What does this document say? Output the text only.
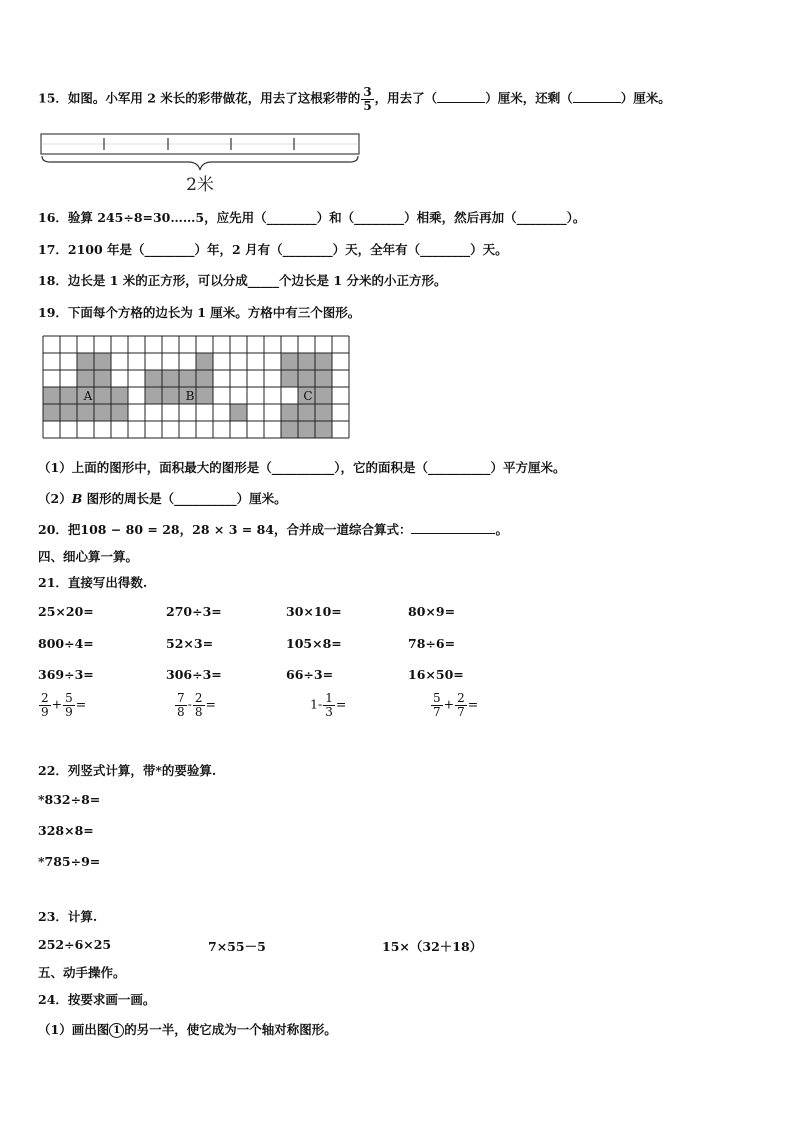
15．如图。小军用 2 米长的彩带做花，用去了这根彩带的 $\frac{3}{5}$ ，用去了（	）厘米，还剩（	）厘米。
2米
16．验算 245÷8=30……5，应先用（________）和（________）相乘，然后再加（________）。
17．2100 年是（________）年，2 月有（________）天，全年有（________）天。
18．边长是 1 米的正方形，可以分成_____个边长是 1 分米的小正方形。
19．下面每个方格的边长为 1 厘米。方格中有三个图形。
A	B	C
（1）上面的图形中，面积最大的图形是（__________），它的面积是（__________）平方厘米。
（2）B 图形的周长是（__________）厘米。
20．把108 − 80 = 28，28 × 3 = 84，合并成一道综合算式：	。
四、细心算一算。
21．直接写出得数.
25×20=	270÷3=	30×10=	80×9=
800÷4=	52×3=	105×8=	78÷6=
369÷3=	306÷3=	66÷3=	16×50=
$\frac{2}{9} + \frac{5}{9}$ =	$\frac{7}{8} - \frac{2}{8}$ =	$1- \frac{1}{3}$ =	$\frac{5}{7} + \frac{2}{7}$ =
22．列竖式计算，带*的要验算.
*832÷8=
328×8=
*785÷9=
23．计算.
252÷6×25	7×55－5	15×（32＋18）
五、动手操作。
24．按要求画一画。
（1）画出图 1 的另一半，使它成为一个轴对称图形。
